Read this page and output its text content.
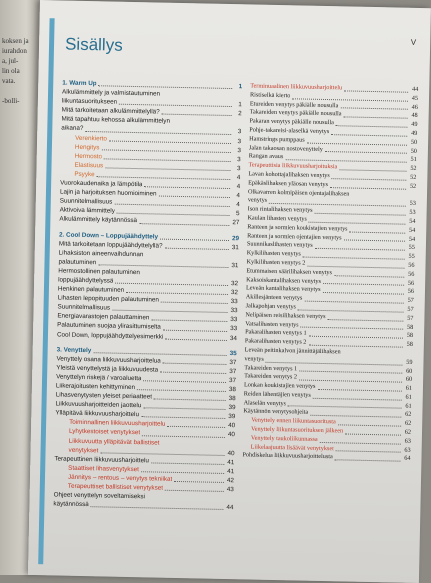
koksen ja
iurahdon
a, jul-
lin ola
vata.

-bolli-
Sisällys	V
1. Warm Up	1
Alkulämmittely ja valmistautuminen
liikuntasuoritukseen	1
Mitä tarkoitetaan alkulämmittelyllä?	2
Mitä tapahtuu kehossa alkulämmittelyn
aikana?	3
Verenkierto	3
Hengitys	3
Hermosto	3
Elastisuus	3
Psyyke	4
Vuorokaudenaika ja lämpötila	4
Lajin ja harjoituksen huomioiminen	4
Suunnitelmallisuus	4
Aktivoiva lämmittely	5
Alkulämmittely käytännössä	27
2. Cool Down – Loppujäähdyttely	29
Mitä tarkoitetaan loppujäähdyttelyllä?	31
Lihaksiston aineenvaihdunnan
palautuminen	31
Hermostollinen palautuminen
loppujäähdyttelyssä	32
Henkinen palautuminen	32
Lihasten lepopituuden palautuminen	33
Suunnitelmallisuus	33
Energiavarastojen palauttaminen	33
Palautuminen suojaa ylirasittumiselta	33
Cool Down, loppujäähdyttelyesimerkki	34
3. Venyttely	35
Venyttely osana liikkuvuusharjoittelua	37
Yleistä venyttelystä ja liikkuvuudesta	37
Venyttelyn riskejä / varoaluetta	37
Liikerajoitusten kehittyminen	38
Lihasvenytysten yleiset periaatteet	38
Liikkuvuusharjoitteiden jaottelu	39
Ylläpitävä liikkuvuusharjoittelu	39
Toiminnallinen liikkuvuusharjoittelu	40
Lyhytkestoiset venytykset	40
Liikkuvuutta ylläpitävät ballistiset
venytykset	40
Terapeuttinen liikkuvuusharjoittelu	41
Staattiset lihasvenytykset	41
Jännitys – rentous – venytys tekniikat	42
Terapeuttiset ballistiset venytykset	43
Ohjeet venyttelyn soveltamiseksi
käytännössä	44
Terminuaalinen liikkuvuusharjoittelu	44
Ristiselkä kierto	45
Etureiden venytys päkiälle nousulla	46
Takareiden venytys päkiälle nousulla	48
Pakaran venytys päkiälle nousulla	49
Pohje-takareisi-alaselkä venytys	49
Hamstrings pumppaus	50
Jalan takaosan nostovenyttely	50
Rangan avaus	51
Terapeuttisia liikkuvuusharjoituksia	52
Lavan kohottajalihaksen venytys	52
Epäkäslihaksen yläosan venytys	52
Olkavarren kolmipäisen ojentajalihaksen
venytys	53
Ison rintalihaksen venytys	53
Kaulan lihasten venytys	54
Ranteen ja sormien koukistajien venytys	54
Ranteen ja sormien ojentajien venytys	54
Suunnikaslihasten venytys	55
Kylkilihasten venytys	55
Kylkilihasten venytys 2	56
Etummaisen säärilihaksen venytys	56
Kaksoiskantalihaksen venytys	56
Leveän kantalihaksen venytys	56
Akillesjänteen venytys	57
Jalkapohjan venytys	57
Nelipäisen reisilihaksen venytys	57
Vatsalihasten venytys	58
Pakaralihasten venytys 1	58
Pakaralihasten venytys 2	58
Leveän peitinkalvon jännittäjälihaksen
venytys	59
Takareiden venytys 1	60
Takareiden venytys 2	60
Lonkan koukistajien venytys	61
Reiden lähentäjien venytys	61
Alaselän venytys	61
Käytännön venytysohjeita	62
Venyttely ennen liikuntasuoritusta	62
Venyttely liikuntasuorituksen jälkeen	62
Venyttely taukoliikunnassa	63
Liikelaajuutta lisäävät venytykset	63
Pohdiskelua liikkuvuusharjoittelusta	64
